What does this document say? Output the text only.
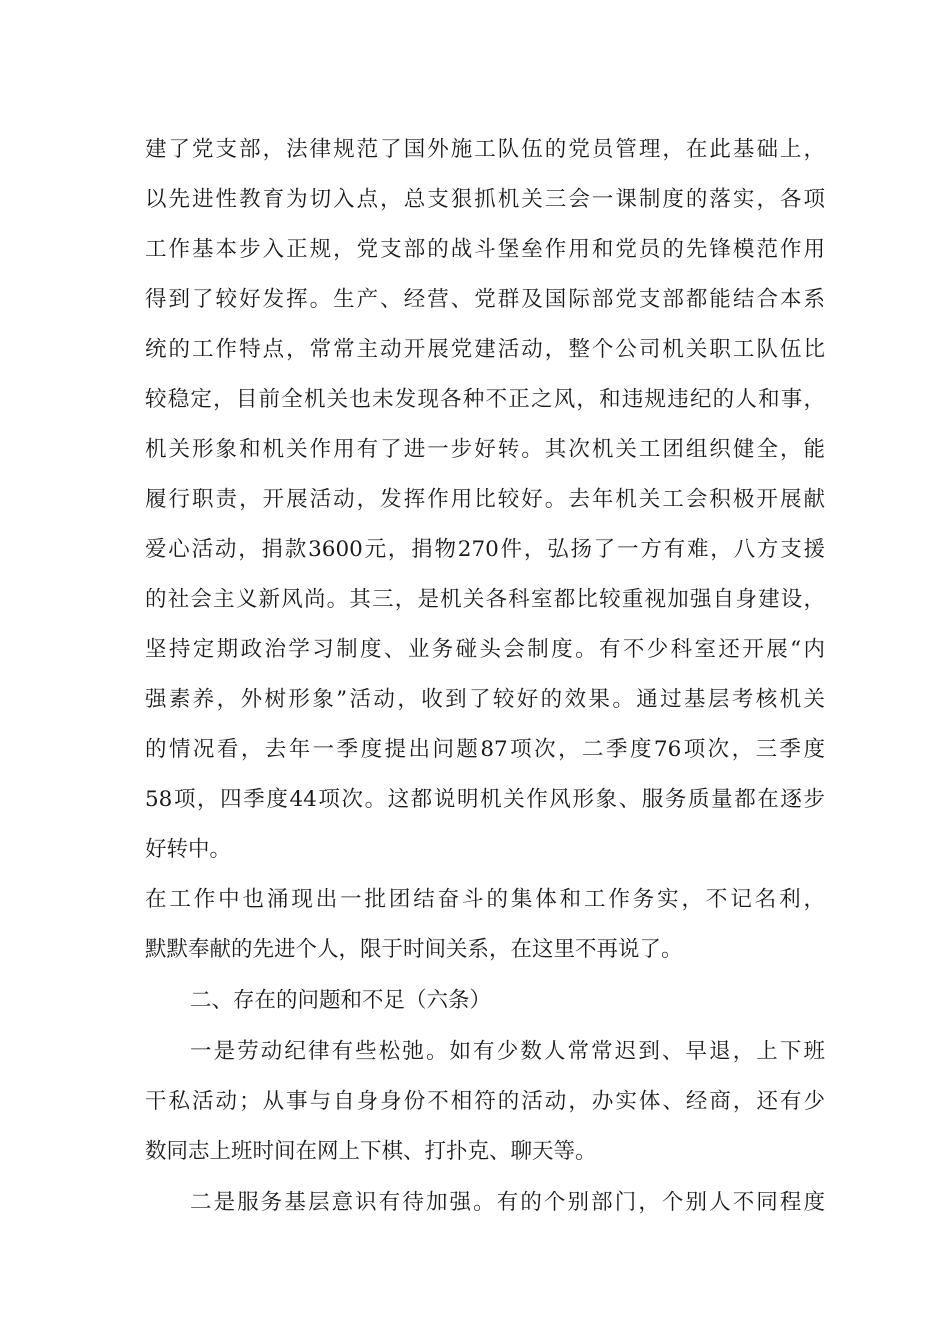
建了党支部，法律规范了国外施工队伍的党员管理，在此基础上，
以先进性教育为切入点，总支狠抓机关三会一课制度的落实，各项
工作基本步入正规，党支部的战斗堡垒作用和党员的先锋模范作用
得到了较好发挥。生产、经营、党群及国际部党支部都能结合本系
统的工作特点，常常主动开展党建活动，整个公司机关职工队伍比
较稳定，目前全机关也未发现各种不正之风，和违规违纪的人和事，
机关形象和机关作用有了进一步好转。其次机关工团组织健全，能
履行职责，开展活动，发挥作用比较好。去年机关工会积极开展献
爱心活动，捐款3600元，捐物270件，弘扬了一方有难，八方支援
的社会主义新风尚。其三，是机关各科室都比较重视加强自身建设，
坚持定期政治学习制度、业务碰头会制度。有不少科室还开展“内
强素养，外树形象”活动，收到了较好的效果。通过基层考核机关
的情况看，去年一季度提出问题87项次，二季度76项次，三季度
58项，四季度44项次。这都说明机关作风形象、服务质量都在逐步
好转中。
在工作中也涌现出一批团结奋斗的集体和工作务实，不记名利，
默默奉献的先进个人，限于时间关系，在这里不再说了。
二、存在的问题和不足（六条）
一是劳动纪律有些松弛。如有少数人常常迟到、早退，上下班
干私活动；从事与自身身份不相符的活动，办实体、经商，还有少
数同志上班时间在网上下棋、打扑克、聊天等。
二是服务基层意识有待加强。有的个别部门，个别人不同程度
